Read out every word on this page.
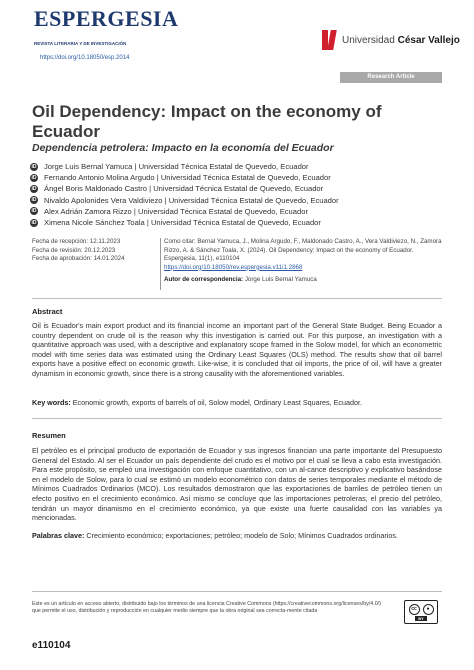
ESPERGESIA
REVISTA LITERARIA Y DE INVESTIGACIÓN
https://doi.org/10.18050/esp.2014
Universidad César Vallejo
Research Article
Oil Dependency: Impact on the economy of Ecuador
Dependencia petrolera: Impacto en la economía del Ecuador
iD Jorge Luis Bernal Yamuca | Universidad Técnica Estatal de Quevedo, Ecuador
iD Fernando Antonio Molina Argudo | Universidad Técnica Estatal de Quevedo, Ecuador
iD Ángel Boris Maldonado Castro | Universidad Técnica Estatal de Quevedo, Ecuador
iD Nivaldo Apolonides Vera Valdiviezo | Universidad Técnica Estatal de Quevedo, Ecuador
iD Alex Adrián Zamora Rizzo | Universidad Técnica Estatal de Quevedo, Ecuador
iD Ximena Nicole Sánchez Toala | Universidad Técnica Estatal de Quevedo, Ecuador
Fecha de recepción: 12.11.2023
Fecha de revisión: 20.12.2023
Fecha de aprobación: 14.01.2024
Como citar: Bernal Yamuca, J., Molina Argudo, F., Maldonado Castro, A., Vera Valdiviezo, N., Zamora Rizzo, A. & Sánchez Toala, X. (2024). Oil Dependency: Impact on the economy of Ecuador. Espergesia, 11(1), e110104
https://doi.org/10.18050/rev.espergesia.v11i1.2868
Autor de correspondencia: Jorge Luis Bernal Yamuca
Abstract
Oil is Ecuador's main export product and its financial income an important part of the General State Budget. Being Ecuador a country dependent on crude oil is the reason why this investigation is carried out. For this purpose, an investigation with a quantitative approach was used, with a descriptive and explanatory scope framed in the Solow model, for which an econometric model with time series data was estimated using the Ordinary Least Squares (OLS) method. The results show that oil barrel exports have a positive effect on economic growth. Like-wise, it is concluded that oil imports, the price of oil, will have a greater dynamism in economic growth, since there is a strong causality with the aforementioned variables.
Key words: Economic growth, exports of barrels of oil, Solow model, Ordinary Least Squares, Ecuador.
Resumen
El petróleo es el principal producto de exportación de Ecuador y sus ingresos financian una parte importante del Presupuesto General del Estado. Al ser el Ecuador un país dependiente del crudo es el motivo por el cual se lleva a cabo esta investigación. Para este propósito, se empleó una investigación con enfoque cuantitativo, con un al-cance descriptivo y explicativo basándose en el modelo de Solow, para lo cual se estimó un modelo econométrico con datos de series temporales mediante el método de Mínimos Cuadrados Ordinarios (MCO). Los resultados demostraron que las exportaciones de barriles de petróleo tienen un efecto positivo en el crecimiento económico. Así mismo se concluye que las importaciones petroleras, el precio del petróleo, tendrán un mayor dinamismo en el crecimiento económico, ya que existe una fuerte causalidad con las variables ya mencionadas.
Palabras clave: Crecimiento económico; exportaciones; petróleo; modelo de Solo; Mínimos Cuadrados ordinarios.
Este es un artículo en acceso abierto, distribuido bajo los términos de una licencia Creative Commons (https://creativecommons.org/licenses/by/4.0/) que permite el uso, distribución y reproducción en cualquier medio siempre que la obra original sea correcta-mente citada	cc	●
BY
e110104
